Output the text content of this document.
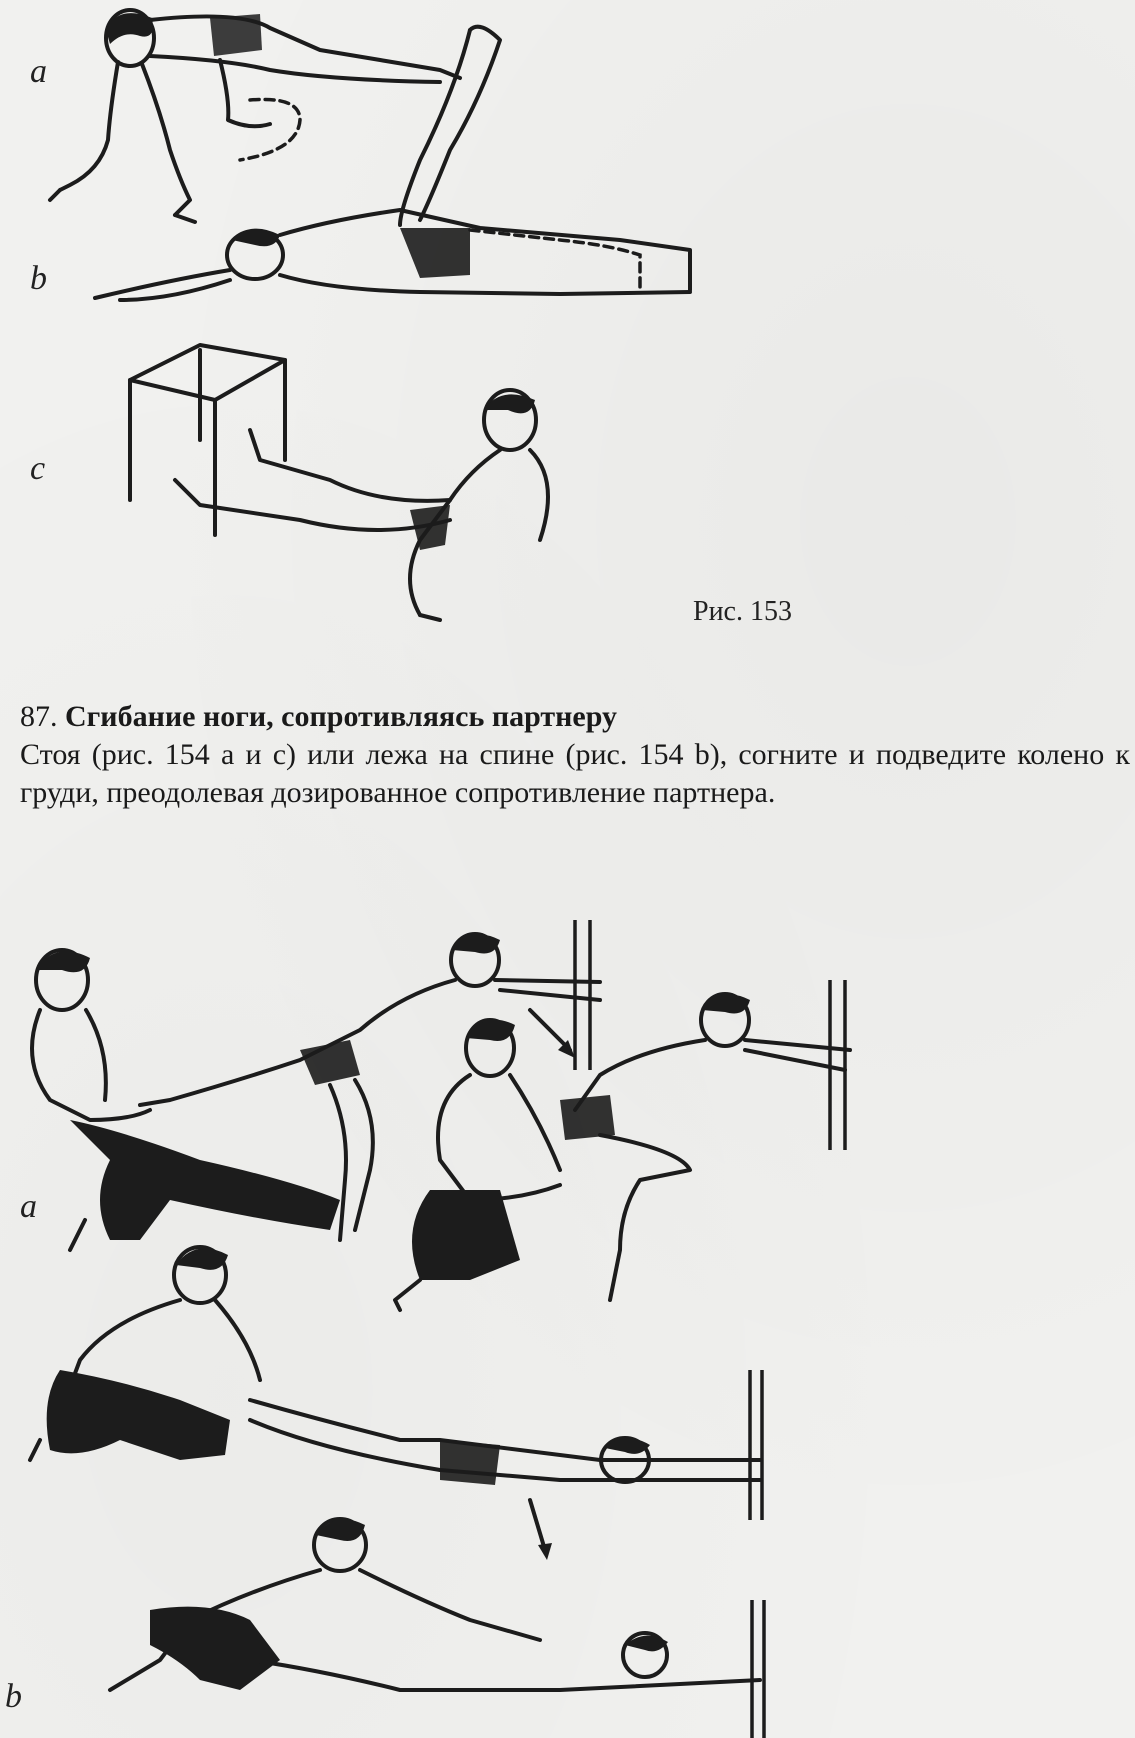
a
b
c
Рис. 153
87. Сгибание ноги, сопротивляясь партнеру
Стоя (рис. 154 а и с) или лежа на спине (рис. 154 b), согните и подведите колено к груди, преодолевая дозированное сопротивление партнера.
a
b
